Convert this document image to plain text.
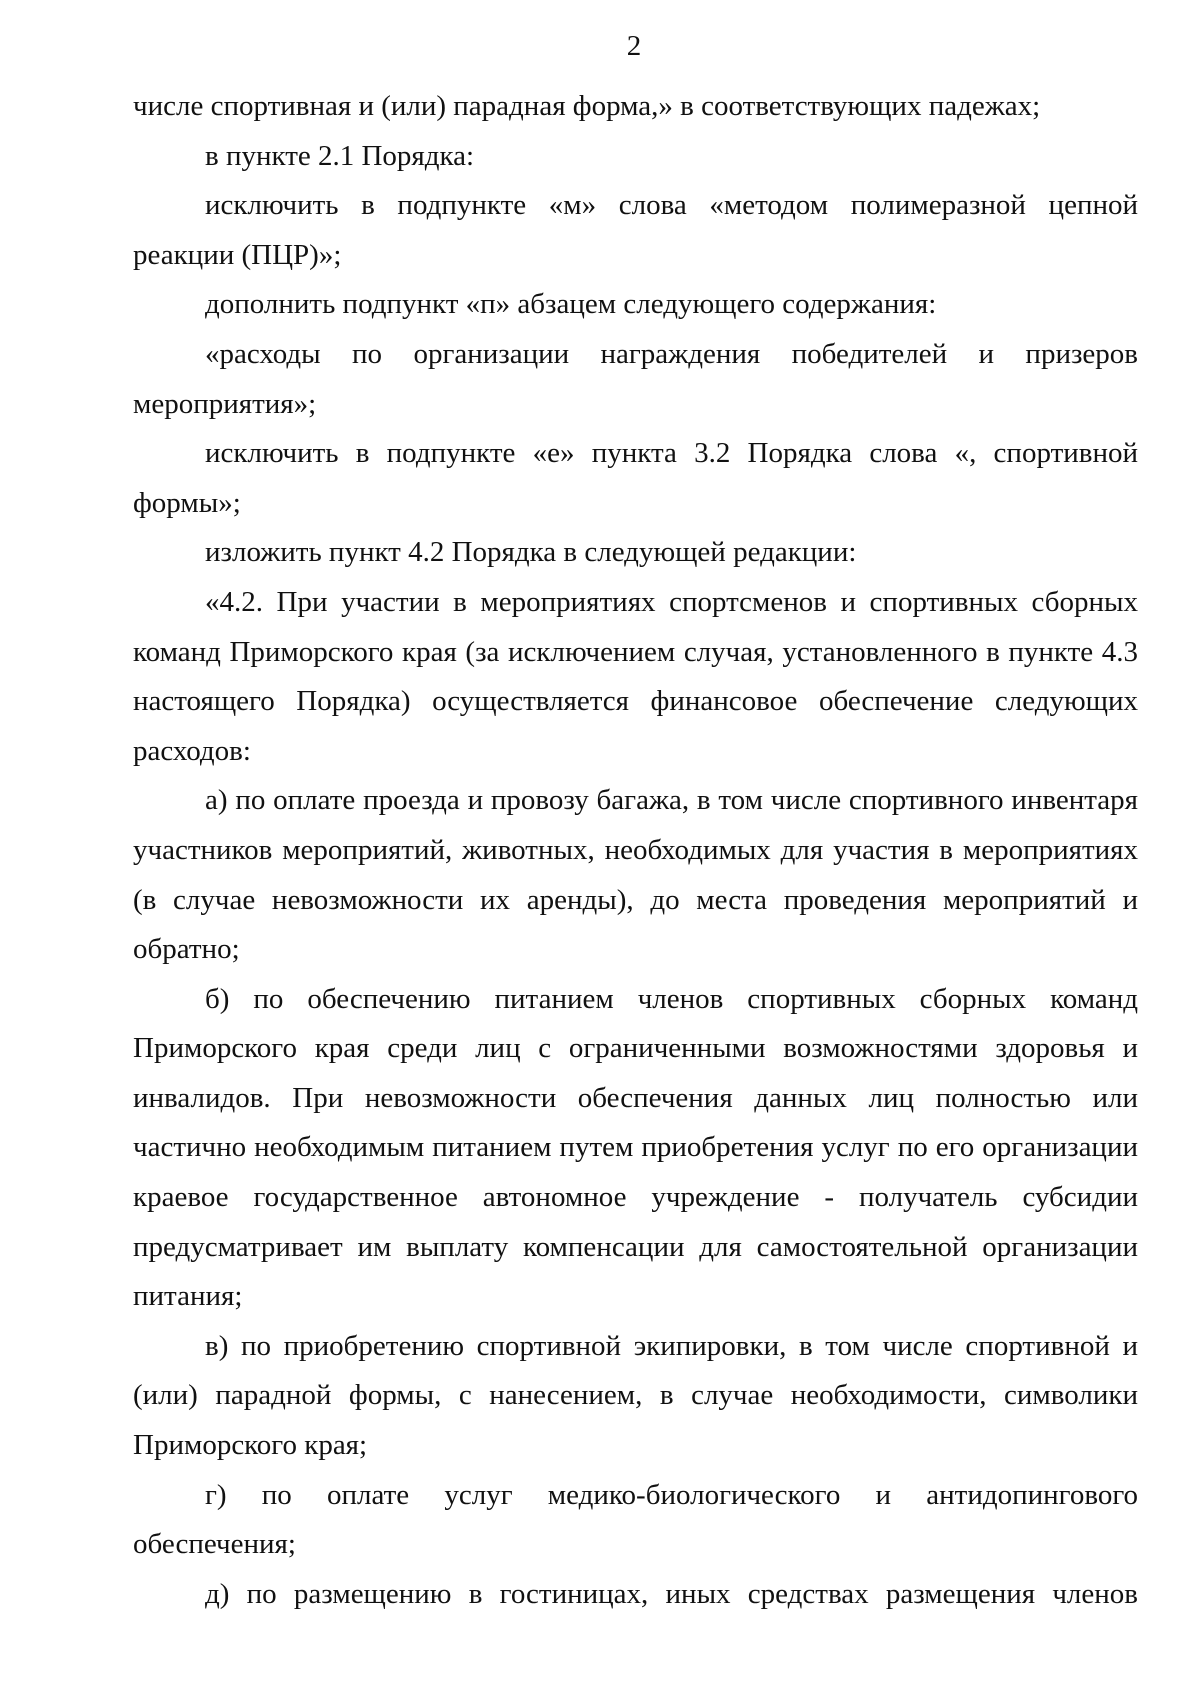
2

числе спортивная и (или) парадная форма,» в соответствующих падежах;

в пункте 2.1 Порядка:

исключить в подпункте «м» слова «методом полимеразной цепной реакции (ПЦР)»;

дополнить подпункт «п» абзацем следующего содержания:

«расходы по организации награждения победителей и призеров мероприятия»;

исключить в подпункте «е» пункта 3.2 Порядка слова «, спортивной формы»;

изложить пункт 4.2 Порядка в следующей редакции:

«4.2. При участии в мероприятиях спортсменов и спортивных сборных команд Приморского края (за исключением случая, установленного в пункте 4.3 настоящего Порядка) осуществляется финансовое обеспечение следующих расходов:

а) по оплате проезда и провозу багажа, в том числе спортивного инвентаря участников мероприятий, животных, необходимых для участия в мероприятиях (в случае невозможности их аренды), до места проведения мероприятий и обратно;

б) по обеспечению питанием членов спортивных сборных команд Приморского края среди лиц с ограниченными возможностями здоровья и инвалидов. При невозможности обеспечения данных лиц полностью или частично необходимым питанием путем приобретения услуг по его организации краевое государственное автономное учреждение - получатель субсидии предусматривает им выплату компенсации для самостоятельной организации питания;

в) по приобретению спортивной экипировки, в том числе спортивной и (или) парадной формы, с нанесением, в случае необходимости, символики Приморского края;

г) по оплате услуг медико-биологического и антидопингового обеспечения;

д) по размещению в гостиницах, иных средствах размещения членов
